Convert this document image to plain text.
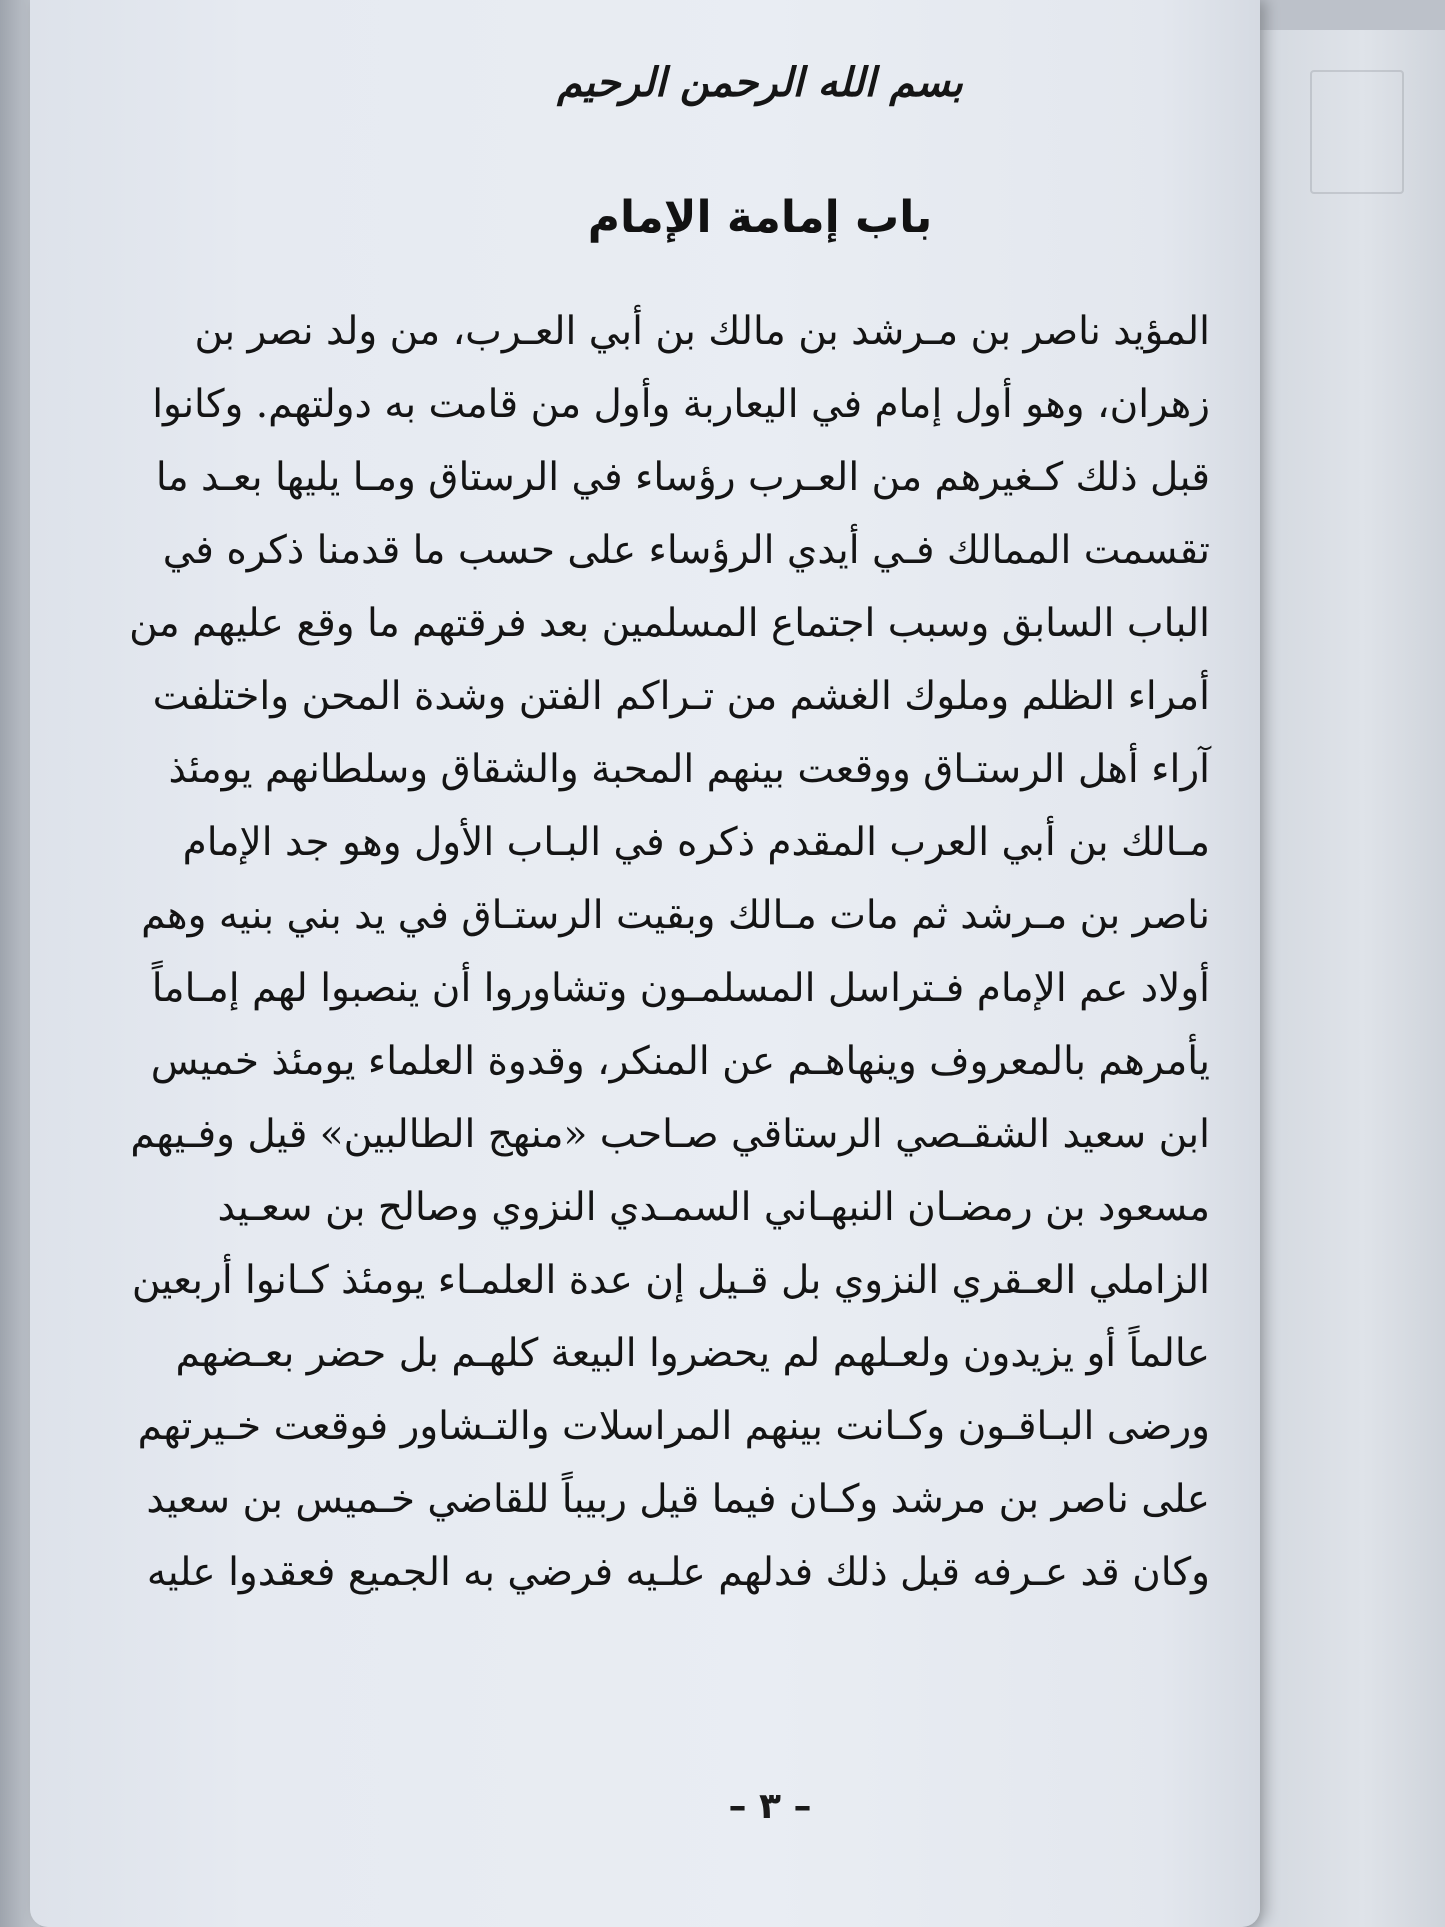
بسم الله الرحمن الرحيم
باب إمامة الإمام
المؤيد ناصر بن مـرشد بن مالك بن أبي العـرب، من ولد نصر بن
زهران، وهو أول إمام في اليعاربة وأول من قامت به دولتهم. وكانوا
قبل ذلك كـغيرهم من العـرب رؤساء في الرستاق ومـا يليها بعـد ما
تقسمت الممالك فـي أيدي الرؤساء على حسب ما قدمنا ذكره في
الباب السابق وسبب اجتماع المسلمين بعد فرقتهم ما وقع عليهم من
أمراء الظلم وملوك الغشم من تـراكم الفتن وشدة المحن واختلفت
آراء أهل الرستـاق ووقعت بينهم المحبة والشقاق وسلطانهم يومئذ
مـالك بن أبي العرب المقدم ذكره في البـاب الأول وهو جد الإمام
ناصر بن مـرشد ثم مات مـالك وبقيت الرستـاق في يد بني بنيه وهم
أولاد عم الإمام فـتراسل المسلمـون وتشاوروا أن ينصبوا لهم إمـاماً
يأمرهم بالمعروف وينهاهـم عن المنكر، وقدوة العلماء يومئذ خميس
ابن سعيد الشقـصي الرستاقي صـاحب «منهج الطالبين» قيل وفـيهم
مسعود بن رمضـان النبهـاني السمـدي النزوي وصالح بن سعـيد
الزاملي العـقري النزوي بل قـيل إن عدة العلمـاء يومئذ كـانوا أربعين
عالماً أو يزيدون ولعـلهم لم يحضروا البيعة كلهـم بل حضر بعـضهم
ورضى البـاقـون وكـانت بينهم المراسلات والتـشاور فوقعت خـيرتهم
على ناصر بن مرشد وكـان فيما قيل ربيباً للقاضي خـميس بن سعيد
وكان قد عـرفه قبل ذلك فدلهم علـيه فرضي به الجميع فعقدوا عليه
– ٣ –
